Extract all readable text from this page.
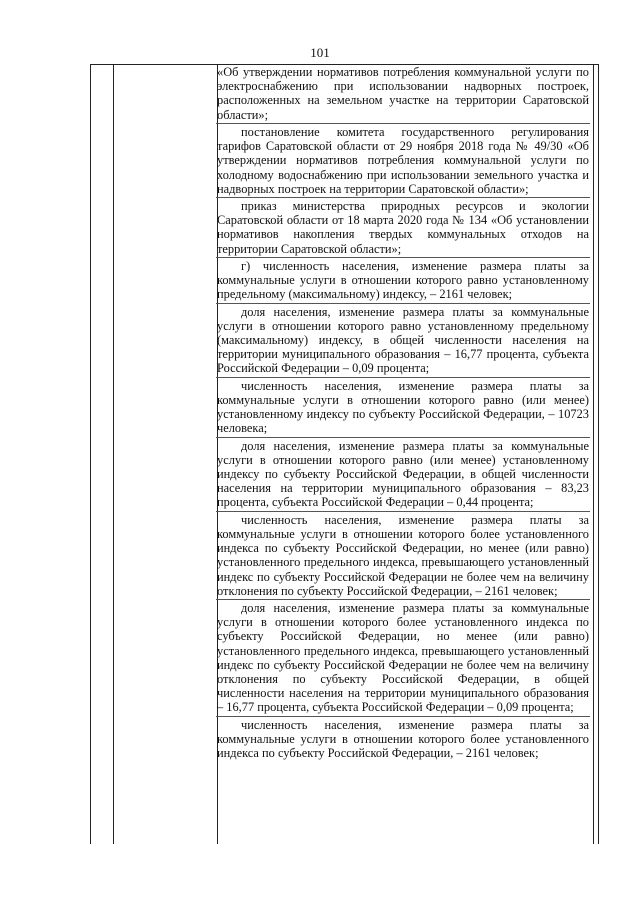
101

«Об утверждении нормативов потребления коммунальной услуги по электроснабжению при использовании надворных построек, расположенных на земельном участке на территории Саратовской области»;

постановление комитета государственного регулирования тарифов Саратовской области от 29 ноября 2018 года № 49/30 «Об утверждении нормативов потребления коммунальной услуги по холодному водоснабжению при использовании земельного участка и надворных построек на территории Саратовской области»;

приказ министерства природных ресурсов и экологии Саратовской области от 18 марта 2020 года № 134 «Об установлении нормативов накопления твердых коммунальных отходов на территории Саратовской области»;

г) численность населения, изменение размера платы за коммунальные услуги в отношении которого равно установленному предельному (максимальному) индексу, – 2161 человек;

доля населения, изменение размера платы за коммунальные услуги в отношении которого равно установленному предельному (максимальному) индексу, в общей численности населения на территории муниципального образования – 16,77 процента, субъекта Российской Федерации – 0,09 процента;

численность населения, изменение размера платы за коммунальные услуги в отношении которого равно (или менее) установленному индексу по субъекту Российской Федерации, – 10723 человека;

доля населения, изменение размера платы за коммунальные услуги в отношении которого равно (или менее) установленному индексу по субъекту Российской Федерации, в общей численности населения на территории муниципального образования – 83,23 процента, субъекта Российской Федерации – 0,44 процента;

численность населения, изменение размера платы за коммунальные услуги в отношении которого более установленного индекса по субъекту Российской Федерации, но менее (или равно) установленного предельного индекса, превышающего установленный индекс по субъекту Российской Федерации не более чем на величину отклонения по субъекту Российской Федерации, – 2161 человек;

доля населения, изменение размера платы за коммунальные услуги в отношении которого более установленного индекса по субъекту Российской Федерации, но менее (или равно) установленного предельного индекса, превышающего установленный индекс по субъекту Российской Федерации не более чем на величину отклонения по субъекту Российской Федерации, в общей численности населения на территории муниципального образования – 16,77 процента, субъекта Российской Федерации – 0,09 процента;

численность населения, изменение размера платы за коммунальные услуги в отношении которого более установленного индекса по субъекту Российской Федерации, – 2161 человек;
